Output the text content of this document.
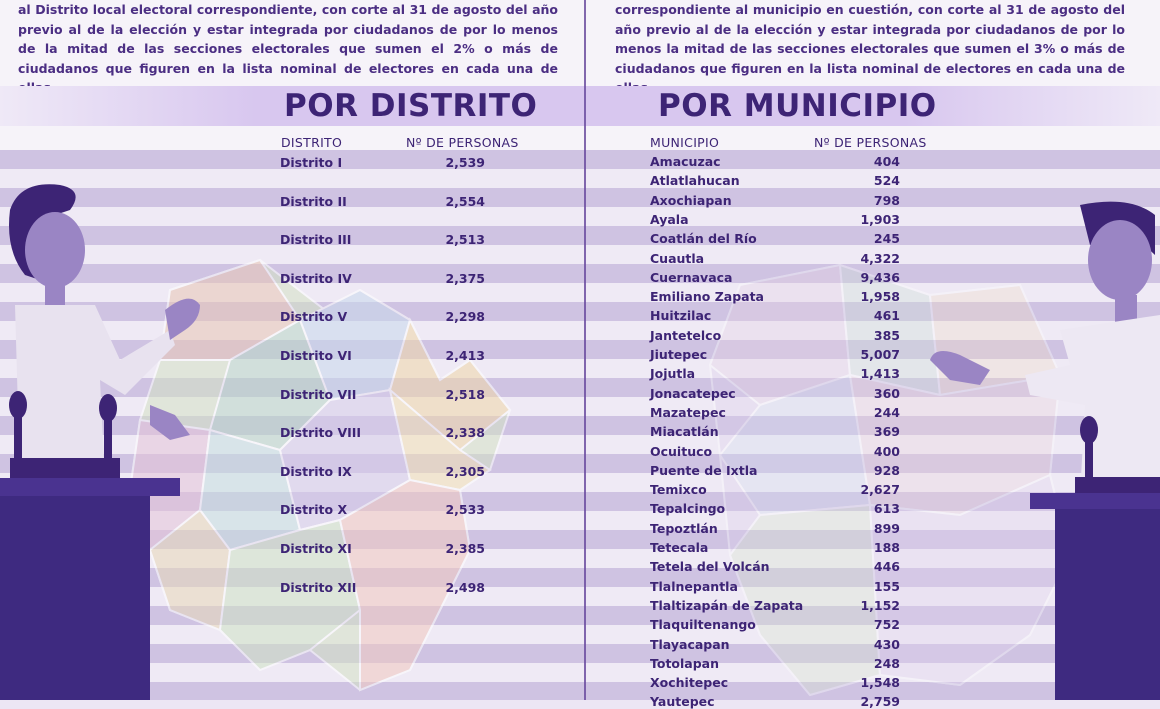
al Distrito local electoral correspondiente, con corte al 31 de agosto del año previo al de la elección y estar integrada por ciudadanos de por lo menos de la mitad de las secciones electorales que sumen el 2% o más de ciudadanos que figuren en la lista nominal de electores en cada una de
correspondiente al municipio en cuestión, con corte al 31 de agosto del año previo al de la elección y estar integrada por ciudadanos de por lo menos la mitad de las secciones electorales que sumen el 3% o más de ciudadanos que figuren en la lista nominal de electores en cada una de
POR DISTRITO	POR MUNICIPIO
DISTRITO	Nº DE PERSONAS	MUNICIPIO	Nº DE PERSONAS
Distrito I	2,539
Distrito II	2,554
Distrito III	2,513
Distrito IV	2,375
Distrito V	2,298
Distrito VI	2,413
Distrito VII	2,518
Distrito VIII	2,338
Distrito IX	2,305
Distrito X	2,533
Distrito XI	2,385
Distrito XII	2,498
Amacuzac	404
Atlatlahucan	524
Axochiapan	798
Ayala	1,903
Coatlán del Río	245
Cuautla	4,322
Cuernavaca	9,436
Emiliano Zapata	1,958
Huitzilac	461
Jantetelco	385
Jiutepec	5,007
Jojutla	1,413
Jonacatepec	360
Mazatepec	244
Miacatlán	369
Ocuituco	400
Puente de Ixtla	928
Temixco	2,627
Tepalcingo	613
Tepoztlán	899
Tetecala	188
Tetela del Volcán	446
Tlalnepantla	155
Tlaltizapán de Zapata	1,152
Tlaquiltenango	752
Tlayacapan	430
Totolapan	248
Xochitepec	1,548
Yautepec	2,759
